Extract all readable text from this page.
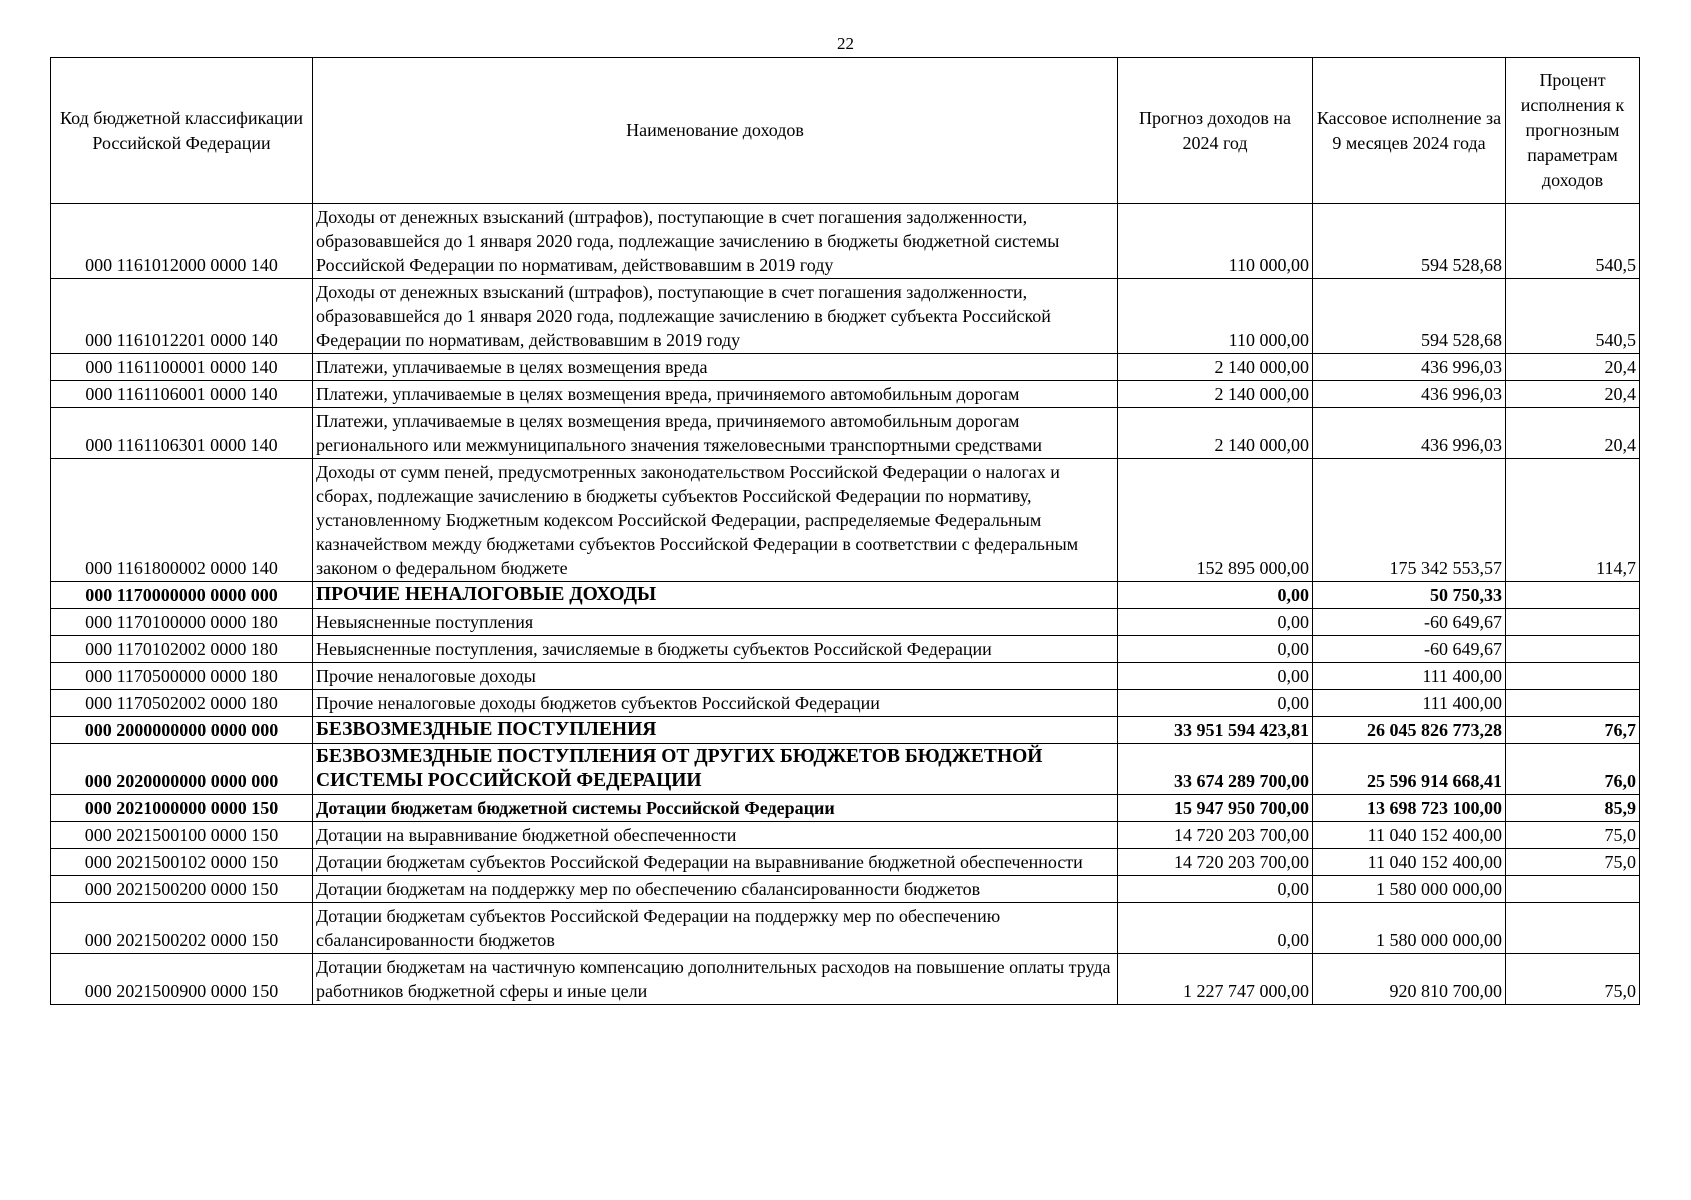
22
Код бюджетной классификации Российской Федерации	Наименование доходов	Прогноз доходов на 2024 год	Кассовое исполнение за 9 месяцев 2024 года	Процент исполнения к прогнозным параметрам доходов
000 1161012000 0000 140	Доходы от денежных взысканий (штрафов), поступающие в счет погашения задолженности, образовавшейся до 1 января 2020 года, подлежащие зачислению в бюджеты бюджетной системы Российской Федерации по нормативам, действовавшим в 2019 году	110 000,00	594 528,68	540,5
000 1161012201 0000 140	Доходы от денежных взысканий (штрафов), поступающие в счет погашения задолженности, образовавшейся до 1 января 2020 года, подлежащие зачислению в бюджет субъекта Российской Федерации по нормативам, действовавшим в 2019 году	110 000,00	594 528,68	540,5
000 1161100001 0000 140	Платежи, уплачиваемые в целях возмещения вреда	2 140 000,00	436 996,03	20,4
000 1161106001 0000 140	Платежи, уплачиваемые в целях возмещения вреда, причиняемого автомобильным дорогам	2 140 000,00	436 996,03	20,4
000 1161106301 0000 140	Платежи, уплачиваемые в целях возмещения вреда, причиняемого автомобильным дорогам регионального или межмуниципального значения тяжеловесными транспортными средствами	2 140 000,00	436 996,03	20,4
000 1161800002 0000 140	Доходы от сумм пеней, предусмотренных законодательством Российской Федерации о налогах и сборах, подлежащие зачислению в бюджеты субъектов Российской Федерации по нормативу, установленному Бюджетным кодексом Российской Федерации, распределяемые Федеральным казначейством между бюджетами субъектов Российской Федерации в соответствии с федеральным законом о федеральном бюджете	152 895 000,00	175 342 553,57	114,7
000 1170000000 0000 000	ПРОЧИЕ НЕНАЛОГОВЫЕ ДОХОДЫ	0,00	50 750,33	
000 1170100000 0000 180	Невыясненные поступления	0,00	-60 649,67	
000 1170102002 0000 180	Невыясненные поступления, зачисляемые в бюджеты субъектов Российской Федерации	0,00	-60 649,67	
000 1170500000 0000 180	Прочие неналоговые доходы	0,00	111 400,00	
000 1170502002 0000 180	Прочие неналоговые доходы бюджетов субъектов Российской Федерации	0,00	111 400,00	
000 2000000000 0000 000	БЕЗВОЗМЕЗДНЫЕ ПОСТУПЛЕНИЯ	33 951 594 423,81	26 045 826 773,28	76,7
000 2020000000 0000 000	БЕЗВОЗМЕЗДНЫЕ ПОСТУПЛЕНИЯ ОТ ДРУГИХ БЮДЖЕТОВ БЮДЖЕТНОЙ СИСТЕМЫ РОССИЙСКОЙ ФЕДЕРАЦИИ	33 674 289 700,00	25 596 914 668,41	76,0
000 2021000000 0000 150	Дотации бюджетам бюджетной системы Российской Федерации	15 947 950 700,00	13 698 723 100,00	85,9
000 2021500100 0000 150	Дотации на выравнивание бюджетной обеспеченности	14 720 203 700,00	11 040 152 400,00	75,0
000 2021500102 0000 150	Дотации бюджетам субъектов Российской Федерации на выравнивание бюджетной обеспеченности	14 720 203 700,00	11 040 152 400,00	75,0
000 2021500200 0000 150	Дотации бюджетам на поддержку мер по обеспечению сбалансированности бюджетов	0,00	1 580 000 000,00	
000 2021500202 0000 150	Дотации бюджетам субъектов Российской Федерации на поддержку мер по обеспечению сбалансированности бюджетов	0,00	1 580 000 000,00	
000 2021500900 0000 150	Дотации бюджетам на частичную компенсацию дополнительных расходов на повышение оплаты труда работников бюджетной сферы и иные цели	1 227 747 000,00	920 810 700,00	75,0
